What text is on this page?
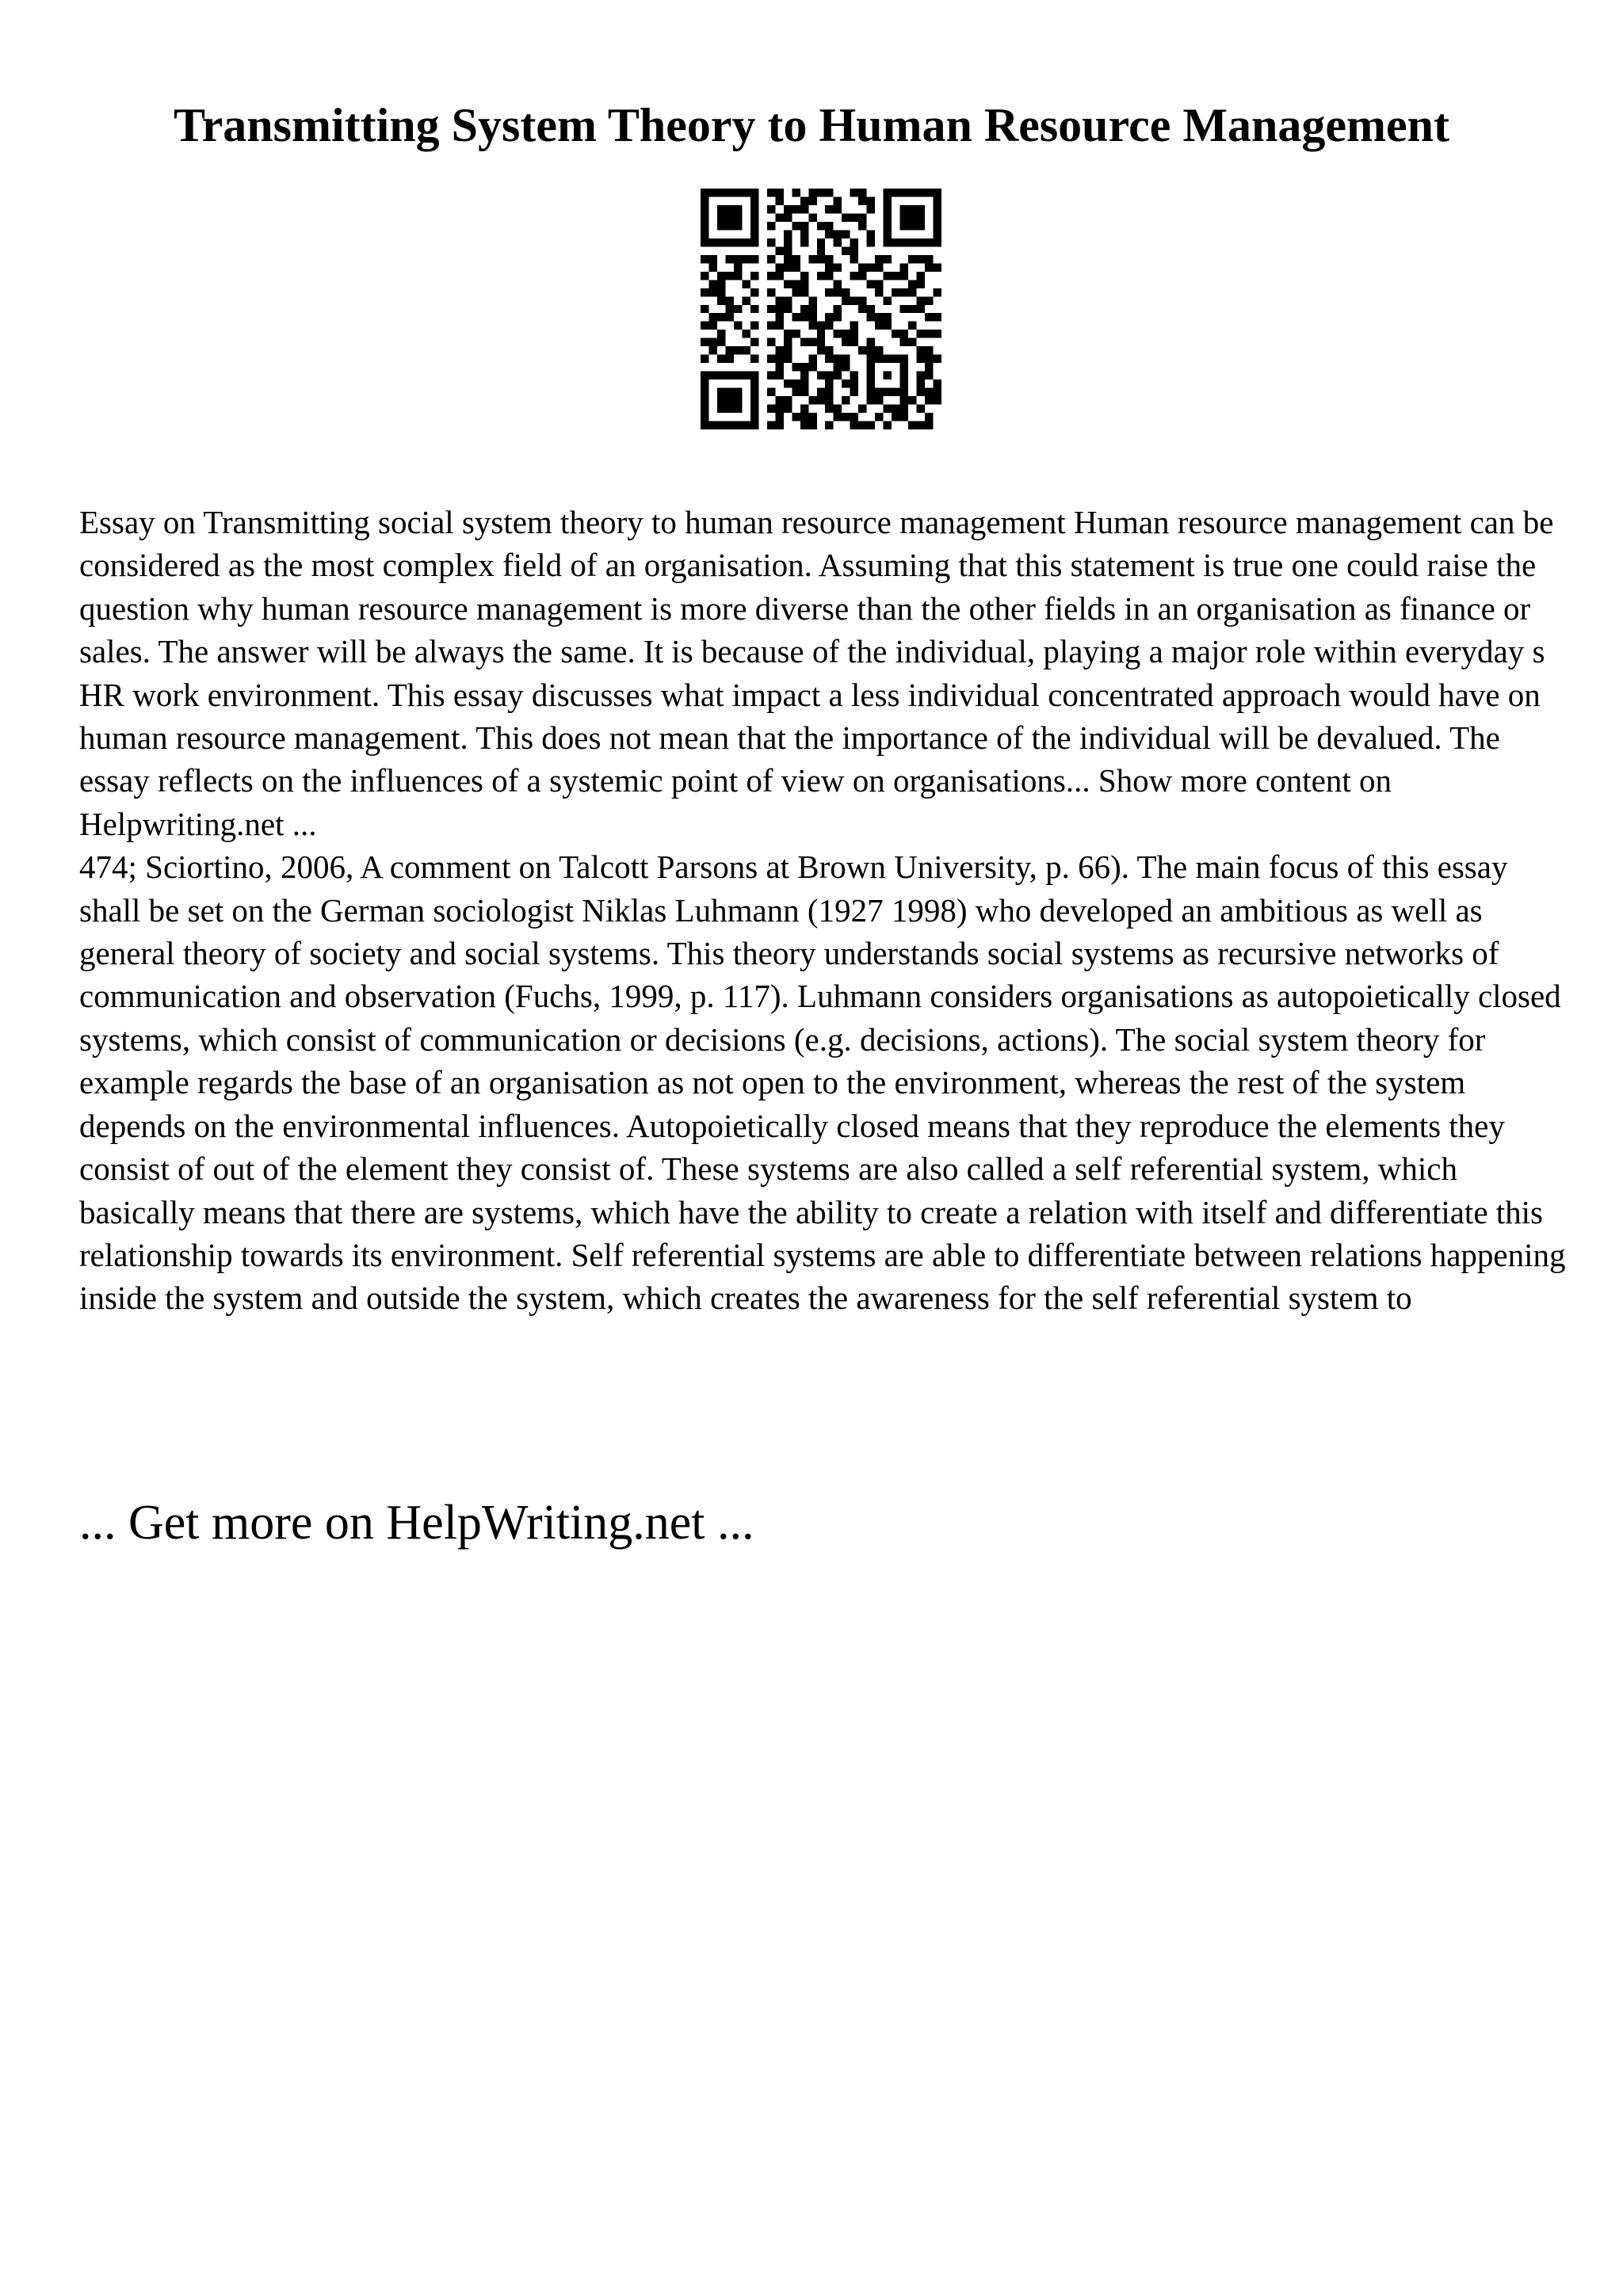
Transmitting System Theory to Human Resource Management

Essay on Transmitting social system theory to human resource management Human resource management can be considered as the most complex field of an organisation. Assuming that this statement is true one could raise the question why human resource management is more diverse than the other fields in an organisation as finance or sales. The answer will be always the same. It is because of the individual, playing a major role within everyday s HR work environment. This essay discusses what impact a less individual concentrated approach would have on human resource management. This does not mean that the importance of the individual will be devalued. The essay reflects on the influences of a systemic point of view on organisations... Show more content on Helpwriting.net ...

474; Sciortino, 2006, A comment on Talcott Parsons at Brown University, p. 66). The main focus of this essay shall be set on the German sociologist Niklas Luhmann (1927 1998) who developed an ambitious as well as general theory of society and social systems. This theory understands social systems as recursive networks of communication and observation (Fuchs, 1999, p. 117). Luhmann considers organisations as autopoietically closed systems, which consist of communication or decisions (e.g. decisions, actions). The social system theory for example regards the base of an organisation as not open to the environment, whereas the rest of the system depends on the environmental influences. Autopoietically closed means that they reproduce the elements they consist of out of the element they consist of. These systems are also called a self referential system, which basically means that there are systems, which have the ability to create a relation with itself and differentiate this relationship towards its environment. Self referential systems are able to differentiate between relations happening inside the system and outside the system, which creates the awareness for the self referential system to

... Get more on HelpWriting.net ...
